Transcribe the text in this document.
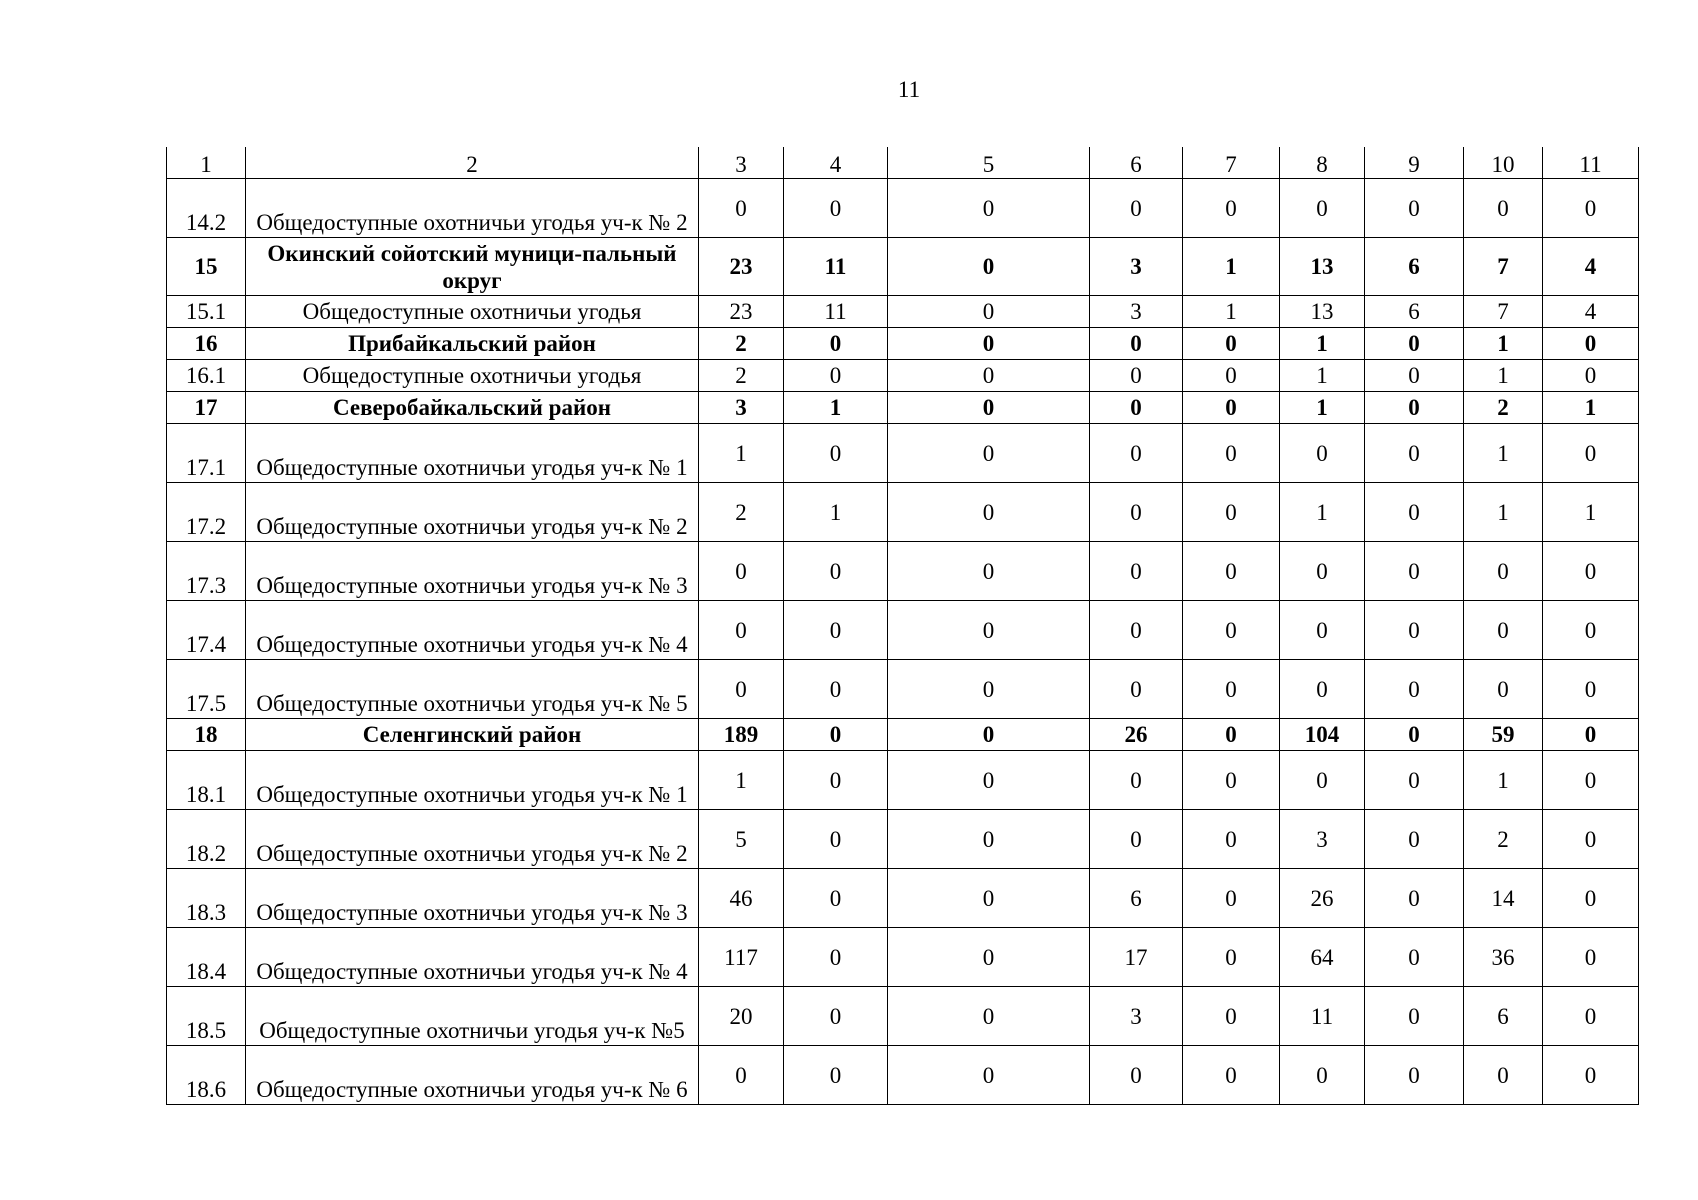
11
1	2	3	4	5	6	7	8	9	10	11
14.2	Общедоступные охотничьи угодья уч-к № 2	0	0	0	0	0	0	0	0	0
15	Окинский сойотский муници-пальный округ	23	11	0	3	1	13	6	7	4
15.1	Общедоступные охотничьи угодья	23	11	0	3	1	13	6	7	4
16	Прибайкальский район	2	0	0	0	0	1	0	1	0
16.1	Общедоступные охотничьи угодья	2	0	0	0	0	1	0	1	0
17	Северобайкальский район	3	1	0	0	0	1	0	2	1
17.1	Общедоступные охотничьи угодья уч-к № 1	1	0	0	0	0	0	0	1	0
17.2	Общедоступные охотничьи угодья уч-к № 2	2	1	0	0	0	1	0	1	1
17.3	Общедоступные охотничьи угодья уч-к № 3	0	0	0	0	0	0	0	0	0
17.4	Общедоступные охотничьи угодья уч-к № 4	0	0	0	0	0	0	0	0	0
17.5	Общедоступные охотничьи угодья уч-к № 5	0	0	0	0	0	0	0	0	0
18	Селенгинский район	189	0	0	26	0	104	0	59	0
18.1	Общедоступные охотничьи угодья уч-к № 1	1	0	0	0	0	0	0	1	0
18.2	Общедоступные охотничьи угодья уч-к № 2	5	0	0	0	0	3	0	2	0
18.3	Общедоступные охотничьи угодья уч-к № 3	46	0	0	6	0	26	0	14	0
18.4	Общедоступные охотничьи угодья уч-к № 4	117	0	0	17	0	64	0	36	0
18.5	Общедоступные охотничьи угодья уч-к №5	20	0	0	3	0	11	0	6	0
18.6	Общедоступные охотничьи угодья уч-к № 6	0	0	0	0	0	0	0	0	0
